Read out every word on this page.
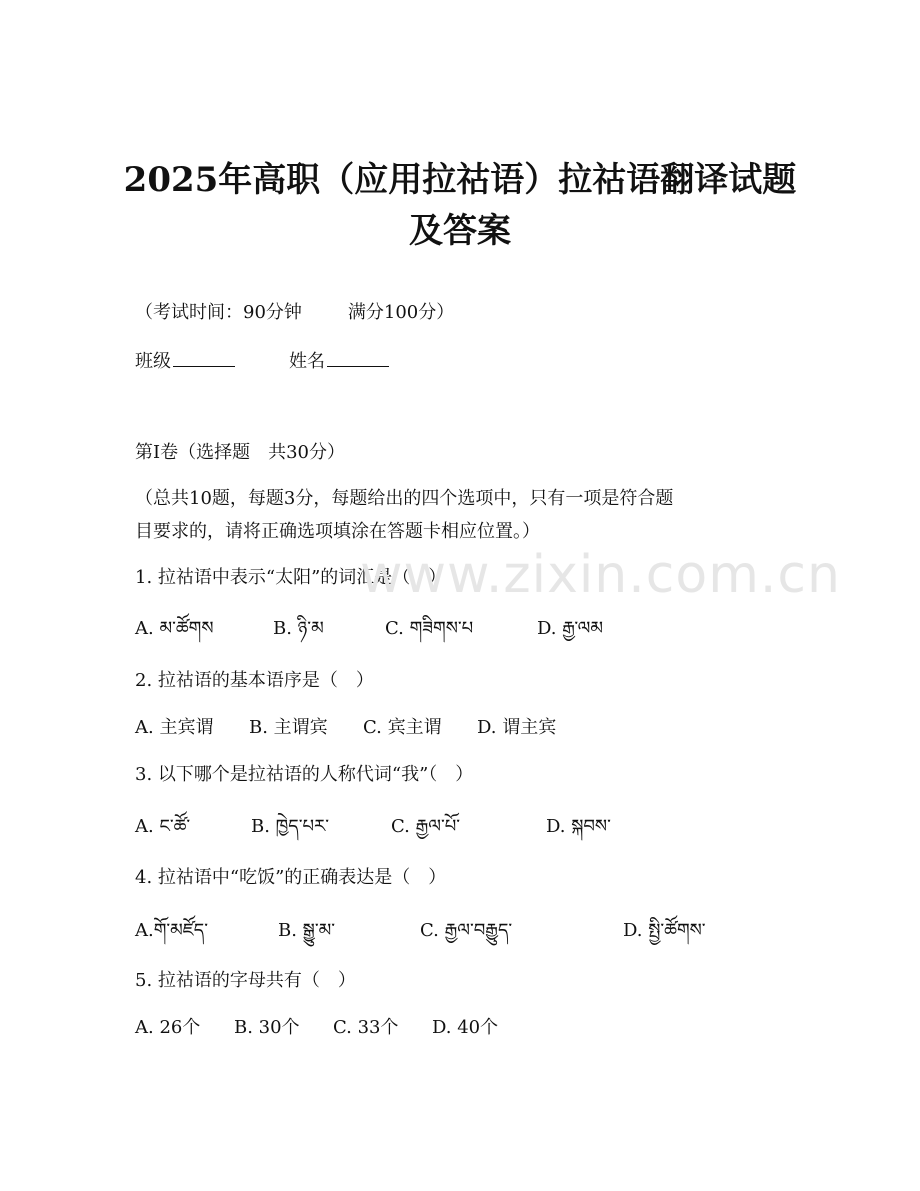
2025年高职（应用拉祜语）拉祜语翻译试题
及答案

（考试时间：90分钟	满分100分）

班级	姓名

第Ⅰ卷（选择题　共30分）

（总共10题，每题3分，每题给出的四个选项中，只有一项是符合题

目要求的，请将正确选项填涂在答题卡相应位置。）

1. 拉祜语中表示“太阳”的词汇是（　）

A. མ་ཚོགས	B. ཉི་མ	C. གཟིགས་པ	D. རྒྱ་ལམ

2. 拉祜语的基本语序是（　）

A. 主宾谓 B. 主谓宾 C. 宾主谓 D. 谓主宾

3. 以下哪个是拉祜语的人称代词“我”（　）

A. ང་ཚོ་	B. ཁྱེད་པར་	C. རྒྱལ་པོ་	D. སྐབས་

4. 拉祜语中“吃饭”的正确表达是（　）

A.གོ་མཛོད་	B. སྒྱུ་མ་	C. རྒྱལ་བརྒྱུད་	D. སྤྱི་ཚོགས་

5. 拉祜语的字母共有（　）

A. 26个 B. 30个 C. 33个 D. 40个

www.zixin.com.cn
